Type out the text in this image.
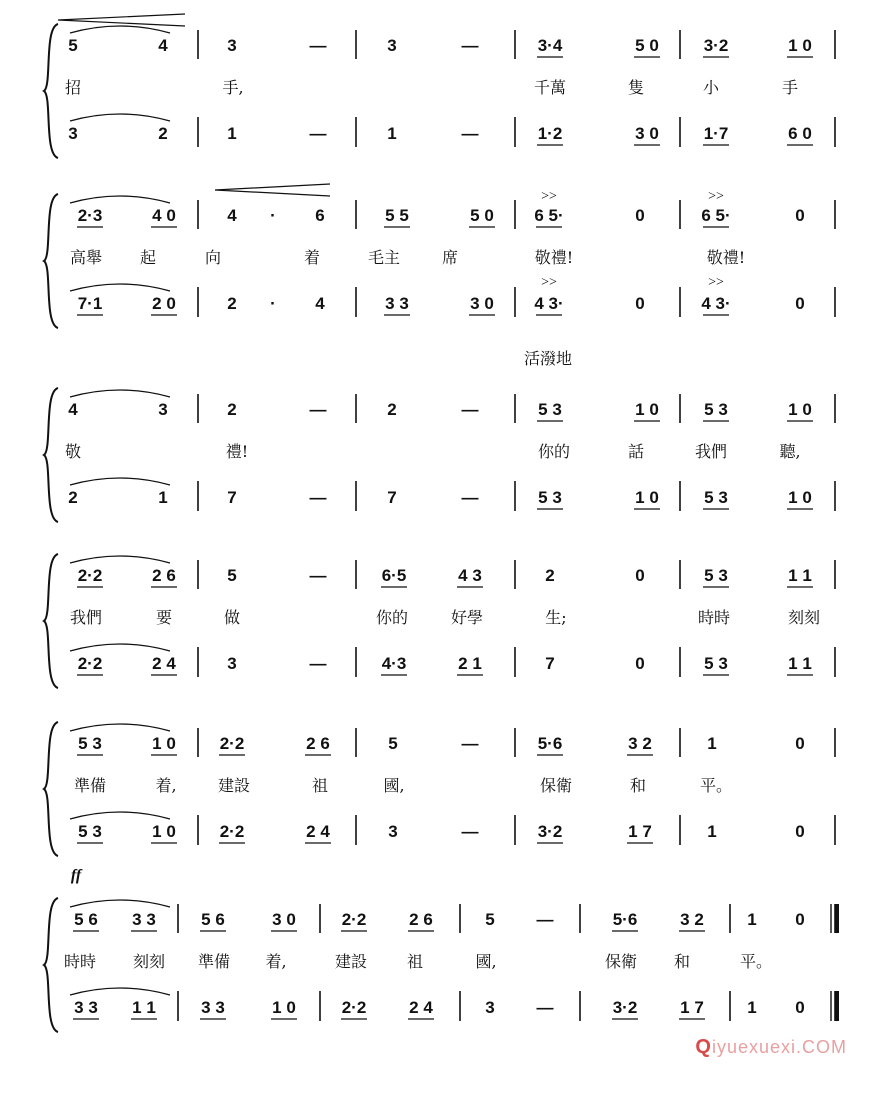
5	4	3	—	3	—	3·4	5 0	3·2	1 0
3	2	1	—	1	—	1·2	3 0	1·7	6 0
招	手,	千萬	隻	小	手
2·3	4 0	4 · 6	5 5	5 0 6 5·	0	6 5·	0
7·1	2 0	2 · 4	3 3	3 0 4 3·	0	4 3·	0
高舉 起	向	着	毛主	席	敬禮!	敬禮!
4	3	2	—	2	—	5 3	1 0	5 3	1 0
2	1	7	—	7	—	5 3	1 0	5 3	1 0
敬	禮!	你的	話	我們	聽,
活潑地
2·2	2 6	5	—	6·5	4 3	2	0	5 3	1 1
2·2	2 4	3	—	4·3	2 1	7	0	5 3	1 1
我們	要	做	你的	好學	生;	時時	刻刻
5 3	1 0	2·2	2 6	5	—	5·6	3 2	1	0
5 3	1 0	2·2	2 4	3	—	3·2	1 7	1	0
準備	着,	建設	祖	國,	保衛	和	平。
5 6 3 3	5 6	3 0	2·2	2 6	5 —	5·6	3 2	1 0
3 3 1 1	3 3	1 0	2·2	2 4	3 —	3·2	1 7	1 0
時時 刻刻 準備 着,	建設 祖	國,	保衛 和	平。
ff
>>
>>
>>
>>
Qiyuexuexi.COM
